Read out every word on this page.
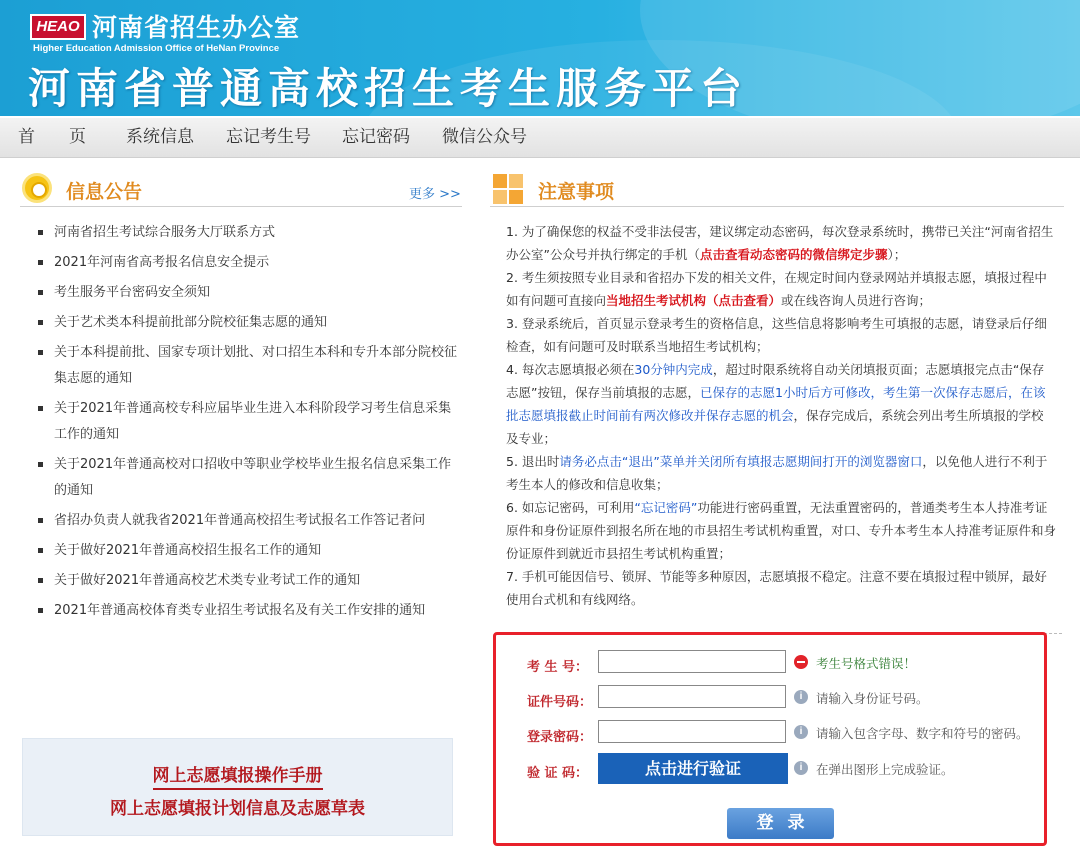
HEAO 河南省招生办公室
Higher Education Admission Office of HeNan Province
河南省普通高校招生考生服务平台
首　　页 系统信息 忘记考生号 忘记密码 微信公众号
信息公告	更多 >>
河南省招生考试综合服务大厅联系方式
2021年河南省高考报名信息安全提示
考生服务平台密码安全须知
关于艺术类本科提前批部分院校征集志愿的通知
关于本科提前批、国家专项计划批、对口招生本科和专升本部分院校征集志愿的通知
关于2021年普通高校专科应届毕业生进入本科阶段学习考生信息采集工作的通知
关于2021年普通高校对口招收中等职业学校毕业生报名信息采集工作的通知
省招办负责人就我省2021年普通高校招生考试报名工作答记者问
关于做好2021年普通高校招生报名工作的通知
关于做好2021年普通高校艺术类专业考试工作的通知
2021年普通高校体育类专业招生考试报名及有关工作安排的通知
网上志愿填报操作手册
网上志愿填报计划信息及志愿草表
注意事项

1. 为了确保您的权益不受非法侵害，建议绑定动态密码，每次登录系统时，携带已关注“河南省招生办公室”公众号并执行绑定的手机（点击查看动态密码的微信绑定步骤）；

2. 考生须按照专业目录和省招办下发的相关文件，在规定时间内登录网站并填报志愿，填报过程中如有问题可直接向当地招生考试机构（点击查看）或在线咨询人员进行咨询；

3. 登录系统后，首页显示登录考生的资格信息，这些信息将影响考生可填报的志愿，请登录后仔细检查，如有问题可及时联系当地招生考试机构；

4. 每次志愿填报必须在30分钟内完成，超过时限系统将自动关闭填报页面；志愿填报完点击“保存志愿”按钮，保存当前填报的志愿，已保存的志愿1小时后方可修改，考生第一次保存志愿后，在该批志愿填报截止时间前有两次修改并保存志愿的机会，保存完成后，系统会列出考生所填报的学校及专业；

5. 退出时请务必点击“退出”菜单并关闭所有填报志愿期间打开的浏览器窗口，以免他人进行不利于考生本人的修改和信息收集；

6. 如忘记密码，可利用“忘记密码”功能进行密码重置，无法重置密码的，普通类考生本人持准考证原件和身份证原件到报名所在地的市县招生考试机构重置，对口、专升本考生本人持准考证原件和身份证原件到就近市县招生考试机构重置；

7. 手机可能因信号、锁屏、节能等多种原因，志愿填报不稳定。注意不要在填报过程中锁屏，最好使用台式机和有线网络。

考 生 号：	考生号格式错误！
证件号码：	i	请输入身份证号码。
登录密码：	i	请输入包含字母、数字和符号的密码。
验 证 码：	点击进行验证	i	在弹出图形上完成验证。
登录
